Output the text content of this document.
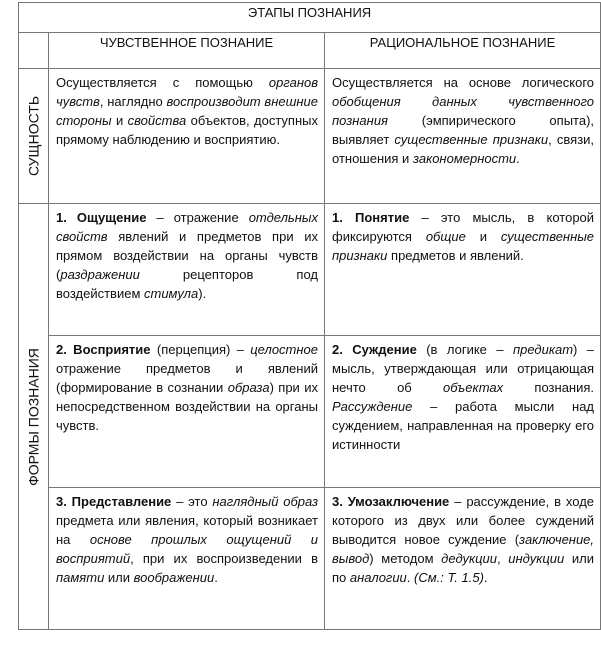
ЭТАПЫ ПОЗНАНИЯ		
	ЧУВСТВЕННОЕ ПОЗНАНИЕ	РАЦИОНАЛЬНОЕ ПОЗНАНИЕ

СУЩНОСТЬ	Осуществляется с помощью органов чувств, наглядно воспроизводит внешние стороны и свойства объектов, доступных прямому наблюдению и восприятию.	Осуществляется на основе логического обобщения данных чувственного познания (эмпирического опыта), выявляет существенные признаки, связи, отношения и закономерности.

ФОРМЫ ПОЗНАНИЯ	1. Ощущение – отражение отдельных свойств явлений и предметов при их прямом воздействии на органы чувств (раздражении рецепторов под воздействием стимула).	1. Понятие – это мысль, в которой фиксируются общие и существенные признаки предметов и явлений.

	2. Восприятие (перцепция) – целостное отражение предметов и явлений (формирование в сознании образа) при их непосредственном воздействии на органы чувств.	2. Суждение (в логике – предикат) – мысль, утверждающая или отрицающая нечто об объектах познания. Рассуждение – работа мысли над суждением, направленная на проверку его истинности

	3. Представление – это наглядный образ предмета или явления, который возникает на основе прошлых ощущений и восприятий, при их воспроизведении в памяти или воображении.	3. Умозаключение – рассуждение, в ходе которого из двух или более суждений выводится новое суждение (заключение, вывод) методом дедукции, индукции или по аналогии. (См.: Т. 1.5).
